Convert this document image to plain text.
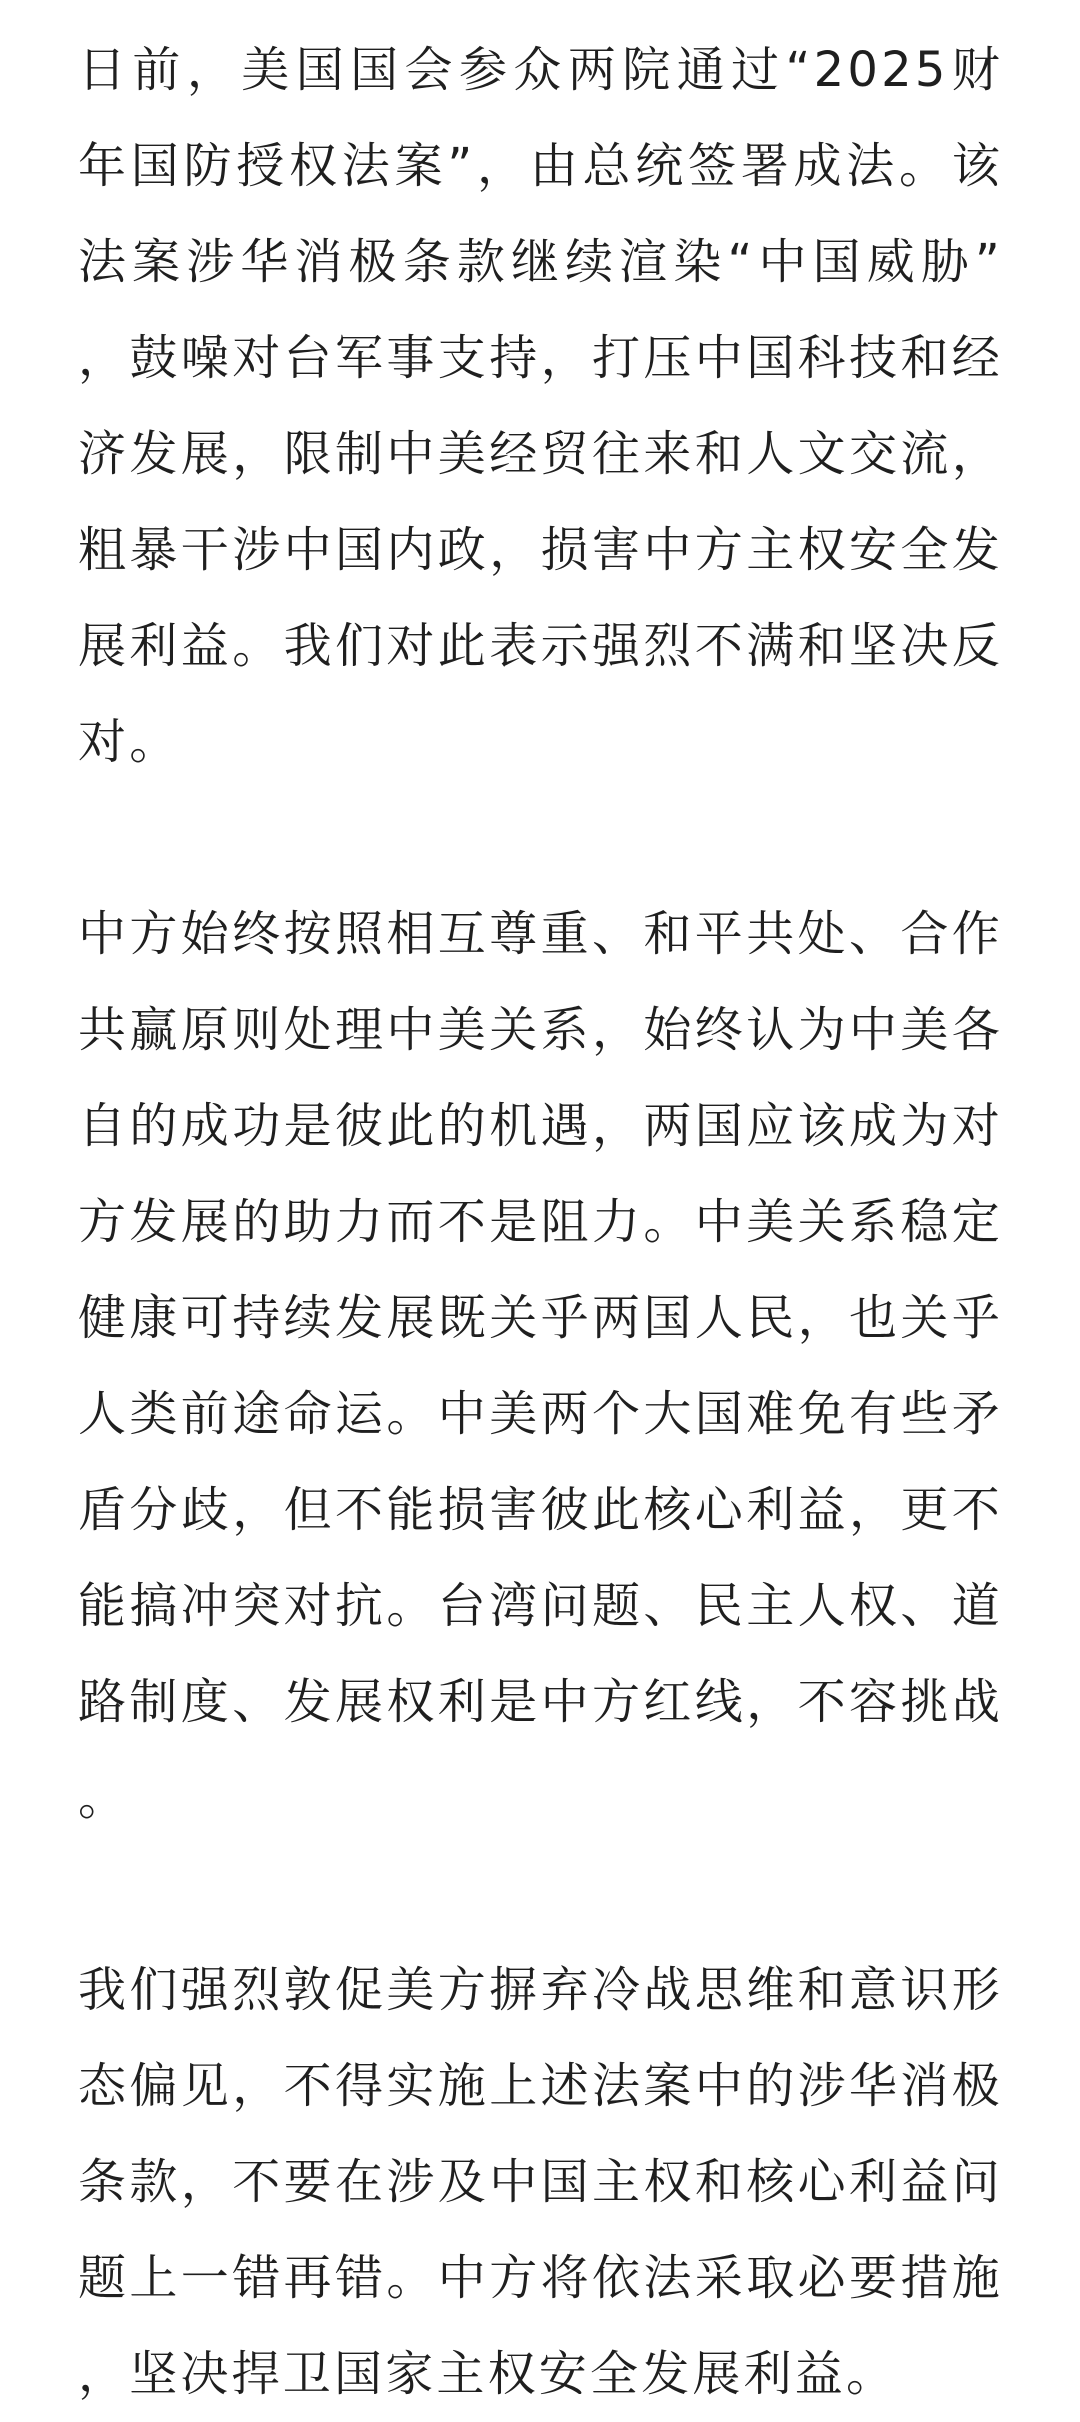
日前，美国国会参众两院通过“2025财年国防授权法案”，由总统签署成法。该法案涉华消极条款继续渲染“中国威胁”，鼓噪对台军事支持，打压中国科技和经济发展，限制中美经贸往来和人文交流，粗暴干涉中国内政，损害中方主权安全发展利益。我们对此表示强烈不满和坚决反对。

中方始终按照相互尊重、和平共处、合作共赢原则处理中美关系，始终认为中美各自的成功是彼此的机遇，两国应该成为对方发展的助力而不是阻力。中美关系稳定健康可持续发展既关乎两国人民，也关乎人类前途命运。中美两个大国难免有些矛盾分歧，但不能损害彼此核心利益，更不能搞冲突对抗。台湾问题、民主人权、道路制度、发展权利是中方红线，不容挑战。

我们强烈敦促美方摒弃冷战思维和意识形态偏见，不得实施上述法案中的涉华消极条款，不要在涉及中国主权和核心利益问题上一错再错。中方将依法采取必要措施，坚决捍卫国家主权安全发展利益。
